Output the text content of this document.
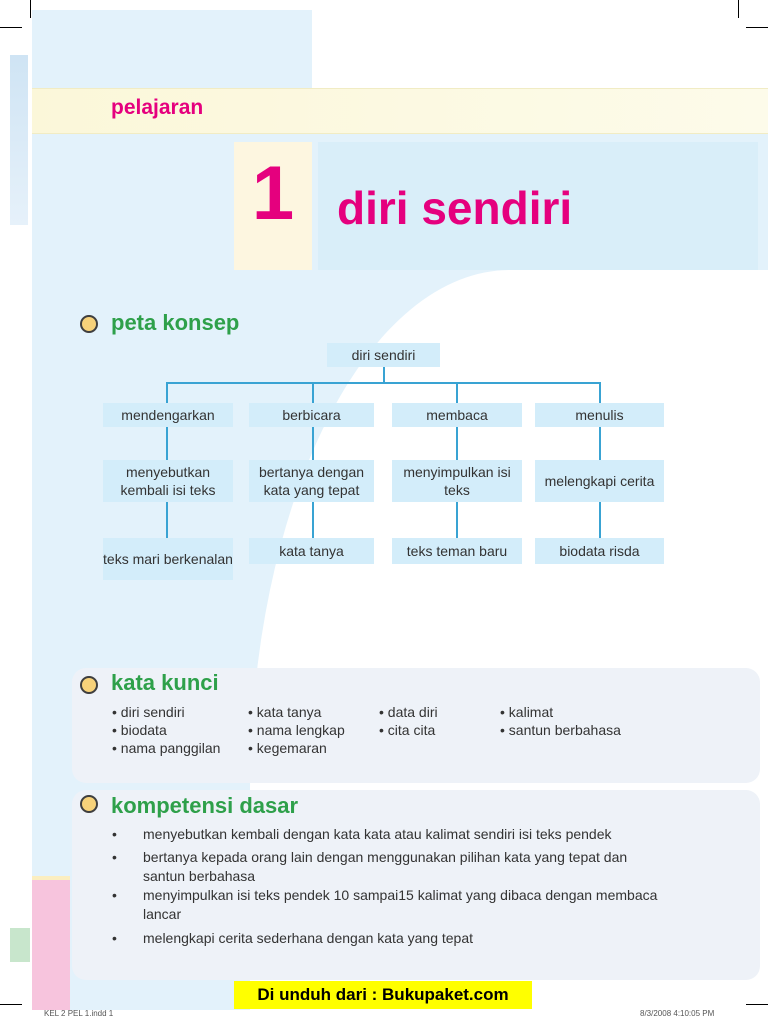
pelajaran
1 diri sendiri
peta konsep
diri sendiri
mendengarkan	berbicara	membaca	menulis
menyebutkan kembali isi teks
bertanya dengan kata yang tepat
menyimpulkan isi teks
melengkapi cerita
teks mari berkenalan	kata tanya	teks teman baru	biodata risda
kata kunci
• diri sendiri
• biodata
• nama panggilan
• kata tanya
• nama lengkap
• kegemaran
• data diri
• cita cita
• kalimat
• santun berbahasa
kompetensi dasar
• menyebutkan kembali dengan kata kata atau kalimat sendiri isi teks pendek
• bertanya kepada orang lain dengan menggunakan pilihan kata yang tepat dan santun berbahasa
• menyimpulkan isi teks pendek 10 sampai15 kalimat yang dibaca dengan membaca lancar
• melengkapi cerita sederhana dengan kata yang tepat
Di unduh dari : Bukupaket.com
KEL 2 PEL 1.indd 1	8/3/2008 4:10:05 PM
